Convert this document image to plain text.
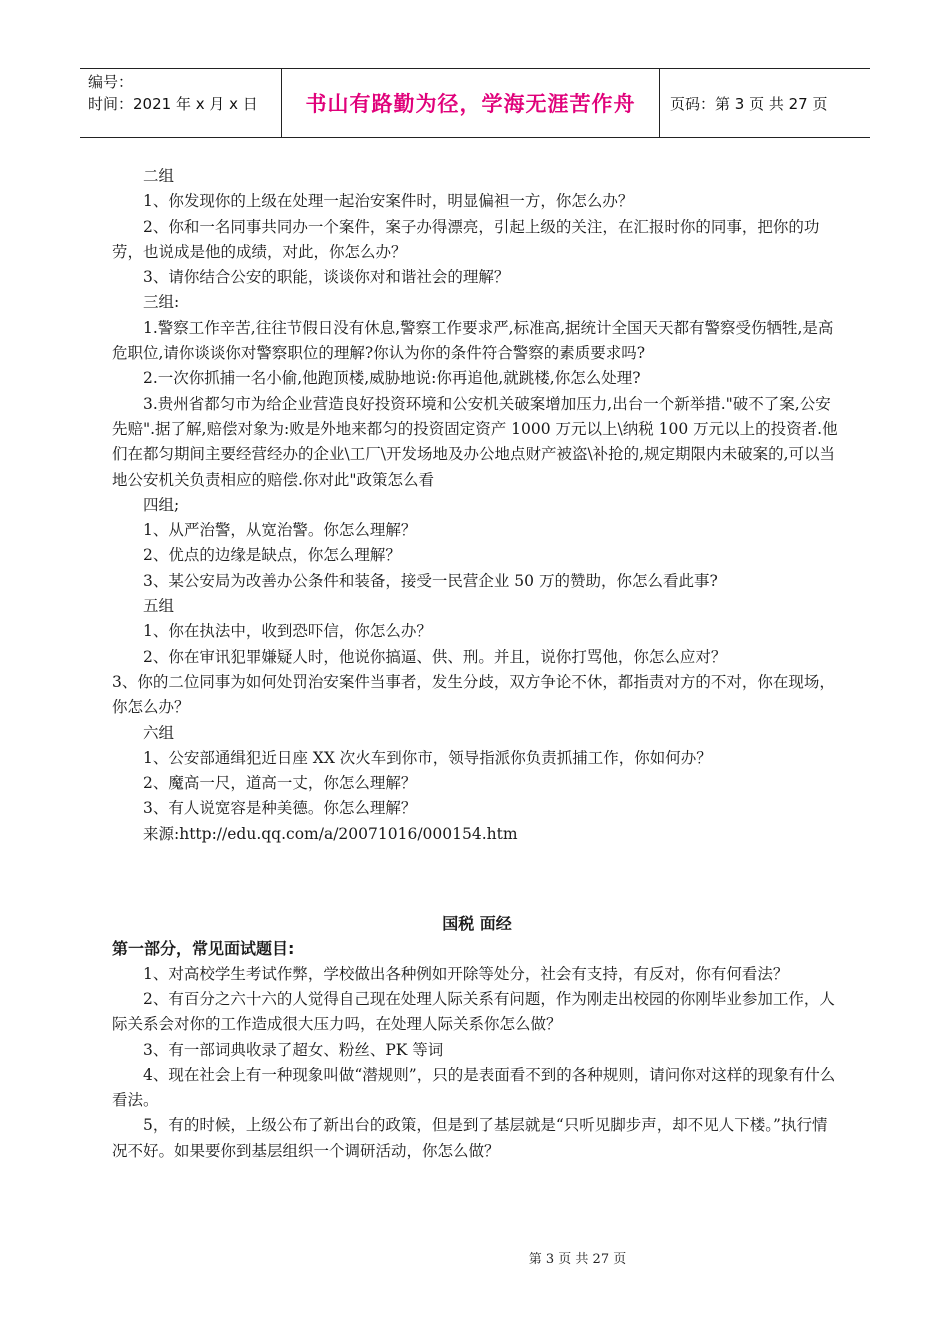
编号：
时间：2021 年 x 月 x 日	书山有路勤为径，学海无涯苦作舟	页码：第 3 页 共 27 页

二组

1、你发现你的上级在处理一起治安案件时，明显偏袒一方，你怎么办？

2、你和一名同事共同办一个案件，案子办得漂亮，引起上级的关注，在汇报时你的同事，把你的功劳，也说成是他的成绩，对此，你怎么办？

3、请你结合公安的职能，谈谈你对和谐社会的理解？

三组:

1.警察工作辛苦,往往节假日没有休息,警察工作要求严,标准高,据统计全国天天都有警察受伤牺牲,是高危职位,请你谈谈你对警察职位的理解?你认为你的条件符合警察的素质要求吗?

2.一次你抓捕一名小偷,他跑顶楼,威胁地说:你再追他,就跳楼,你怎么处理?

3.贵州省都匀市为给企业营造良好投资环境和公安机关破案增加压力,出台一个新举措."破不了案,公安先赔".据了解,赔偿对象为:败是外地来都匀的投资固定资产 1000 万元以上\纳税 100 万元以上的投资者.他们在都匀期间主要经营经办的企业\工厂\开发场地及办公地点财产被盗\补抢的,规定期限内未破案的,可以当地公安机关负责相应的赔偿.你对此"政策怎么看

四组;

1、从严治警，从宽治警。你怎么理解？

2、优点的边缘是缺点，你怎么理解？

3、某公安局为改善办公条件和装备，接受一民营企业 50 万的赞助，你怎么看此事?

五组

1、你在执法中，收到恐吓信，你怎么办？

2、你在审讯犯罪嫌疑人时，他说你搞逼、供、刑。并且，说你打骂他，你怎么应对？

3、你的二位同事为如何处罚治安案件当事者，发生分歧，双方争论不休，都指责对方的不对，你在现场，你怎么办？

六组

1、公安部通缉犯近日座 XX 次火车到你市，领导指派你负责抓捕工作，你如何办？

2、魔高一尺，道高一丈，你怎么理解？

3、有人说宽容是种美德。你怎么理解？

来源:http://edu.qq.com/a/20071016/000154.htm

国税 面经

第一部分，常见面试题目:

1、对高校学生考试作弊，学校做出各种例如开除等处分，社会有支持，有反对，你有何看法？

2、有百分之六十六的人觉得自己现在处理人际关系有问题，作为刚走出校园的你刚毕业参加工作，人际关系会对你的工作造成很大压力吗，在处理人际关系你怎么做？

3、有一部词典收录了超女、粉丝、PK 等词

4、现在社会上有一种现象叫做“潜规则”，只的是表面看不到的各种规则，请问你对这样的现象有什么看法。

5，有的时候，上级公布了新出台的政策，但是到了基层就是“只听见脚步声，却不见人下楼。”执行情况不好。如果要你到基层组织一个调研活动，你怎么做？

第 3 页 共 27 页
